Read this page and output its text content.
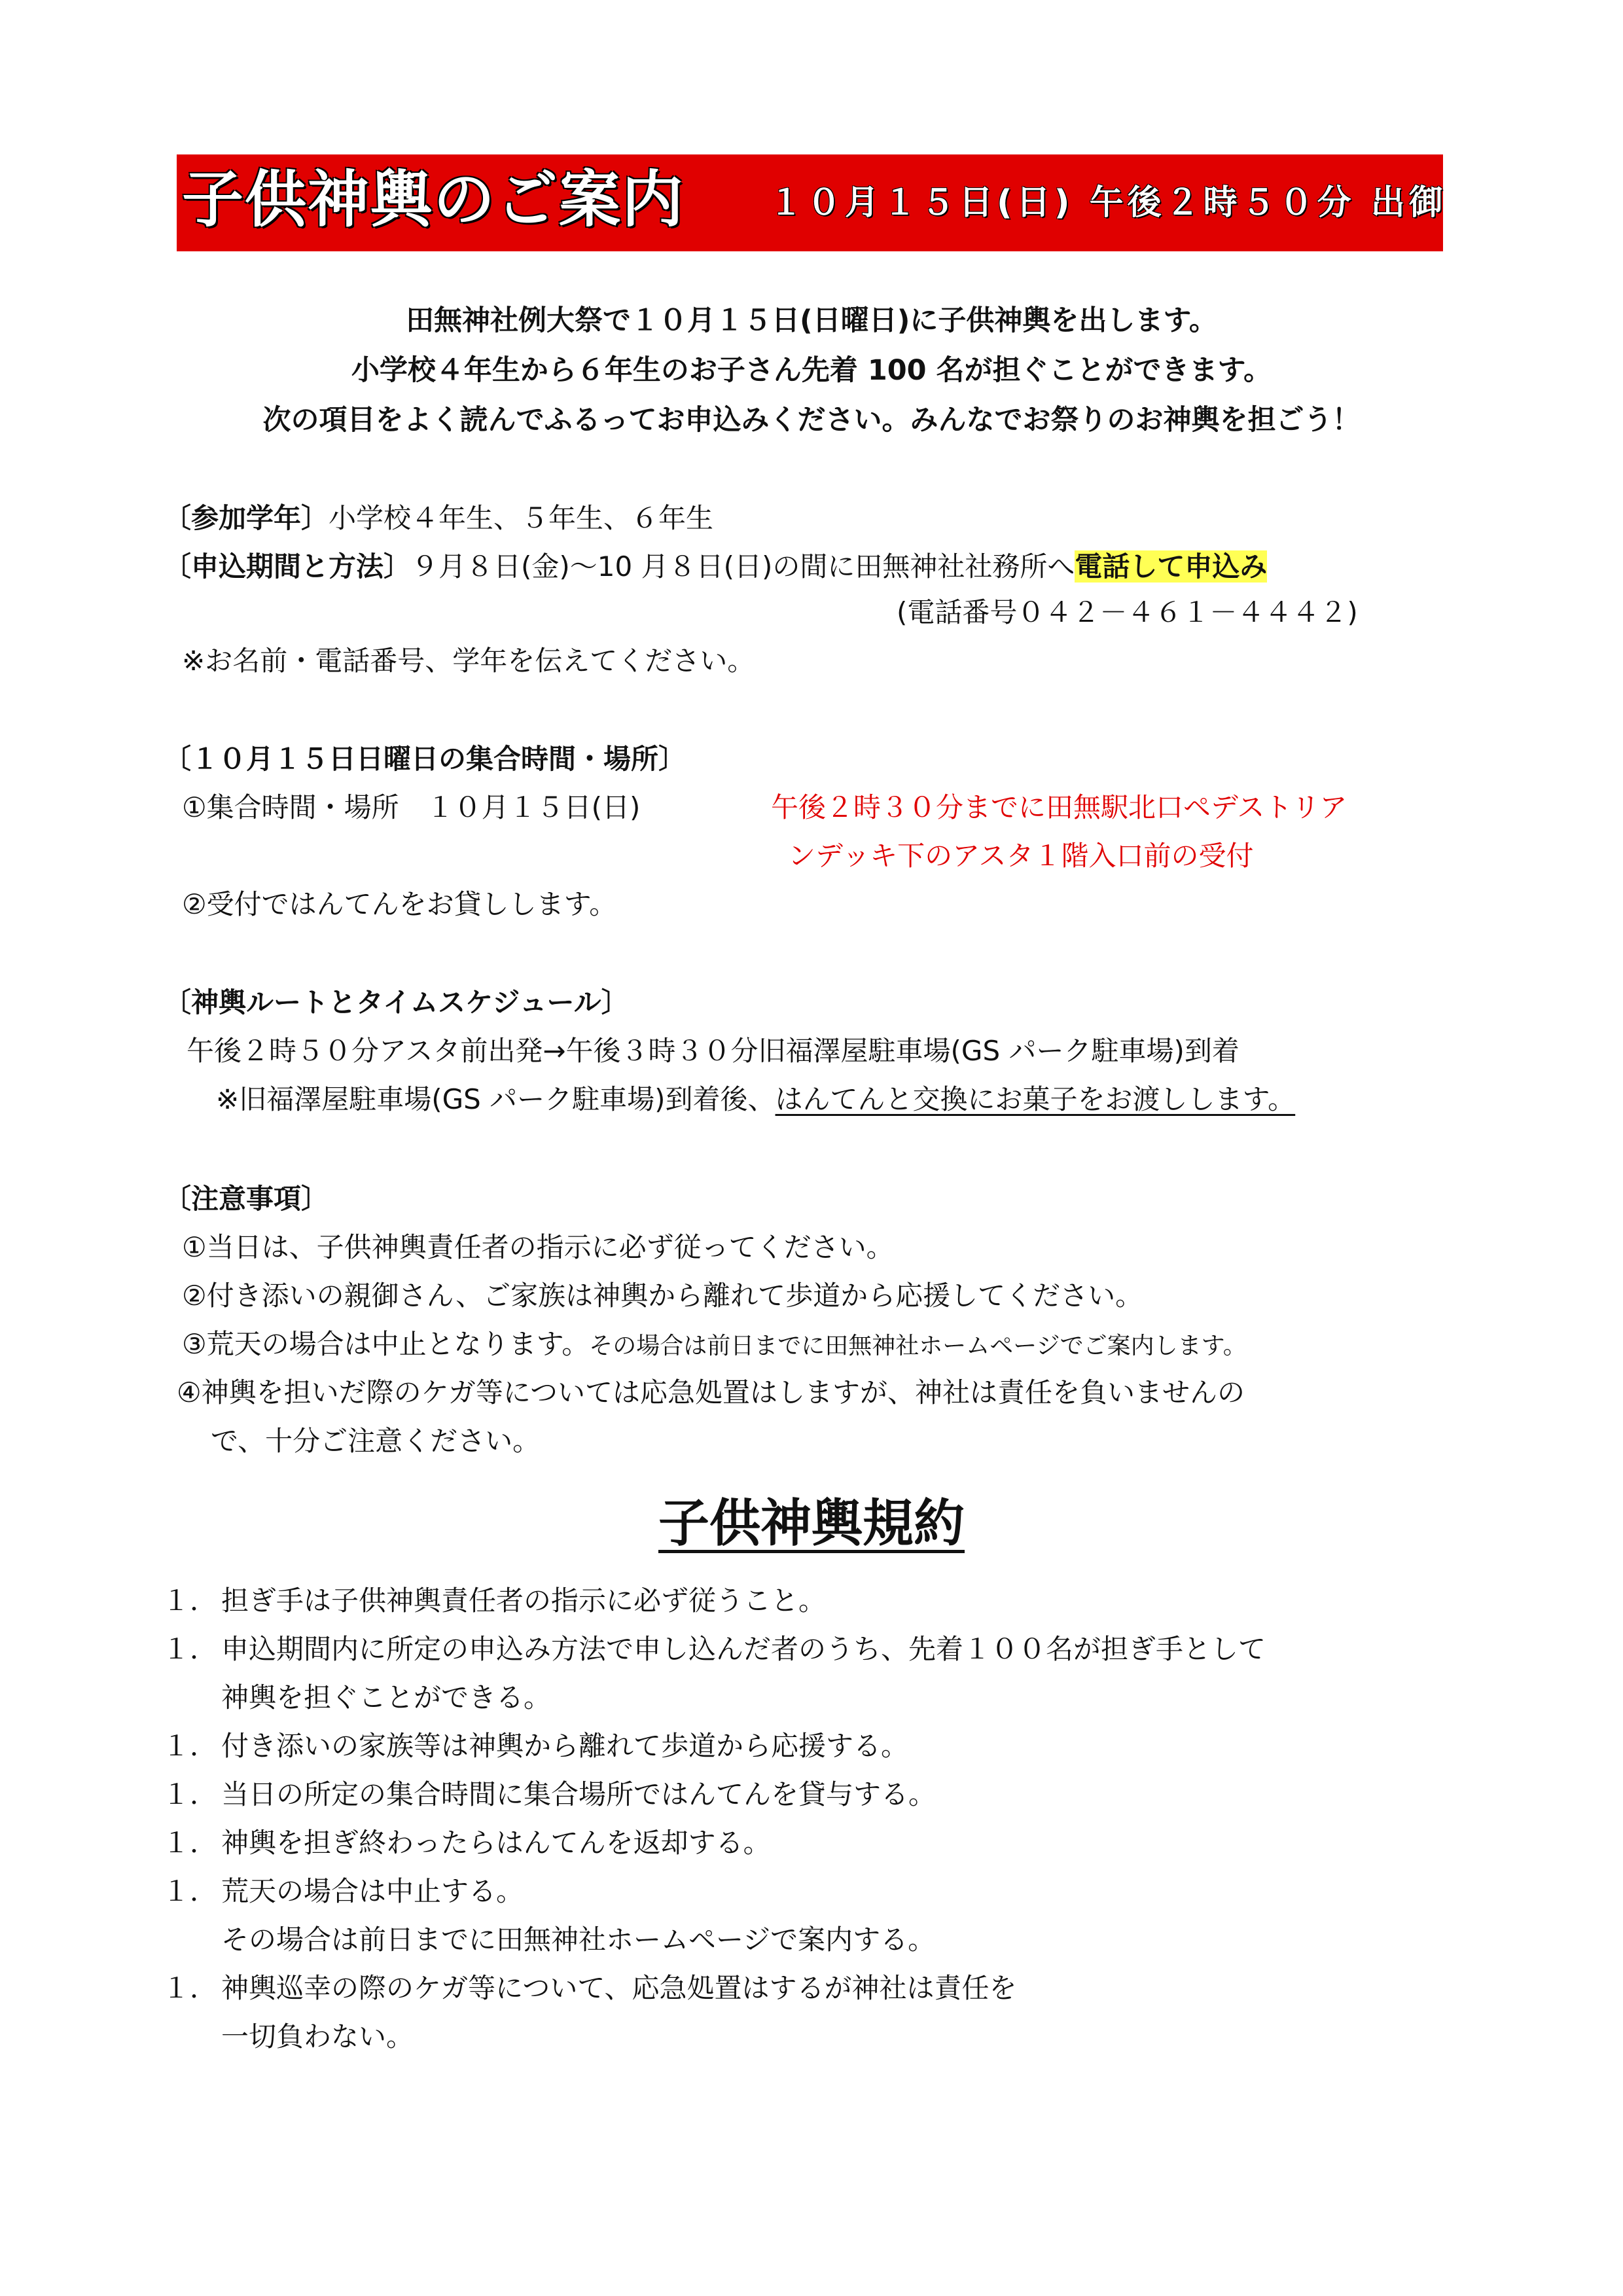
子供神輿のご案内 １０月１５日(日) 午後２時５０分 出御
田無神社例大祭で１０月１５日(日曜日)に子供神輿を出します。
小学校４年生から６年生のお子さん先着 100 名が担ぐことができます。
次の項目をよく読んでふるってお申込みください。みんなでお祭りのお神輿を担ごう！
〔参加学年〕小学校４年生、５年生、６年生
〔申込期間と方法〕９月８日(金)～10 月８日(日)の間に田無神社社務所へ電話して申込み
(電話番号０４２－４６１－４４４２)
※お名前・電話番号、学年を伝えてください。
〔１０月１５日日曜日の集合時間・場所〕
①集合時間・場所　１０月１５日(日)	午後２時３０分までに田無駅北口ペデストリア
ンデッキ下のアスタ１階入口前の受付
②受付ではんてんをお貸しします。
〔神輿ルートとタイムスケジュール〕
午後２時５０分アスタ前出発→午後３時３０分旧福澤屋駐車場(GS パーク駐車場)到着
※旧福澤屋駐車場(GS パーク駐車場)到着後、はんてんと交換にお菓子をお渡しします。
〔注意事項〕
①当日は、子供神輿責任者の指示に必ず従ってください。
②付き添いの親御さん、ご家族は神輿から離れて歩道から応援してください。
③荒天の場合は中止となります。その場合は前日までに田無神社ホームページでご案内します。
④神輿を担いだ際のケガ等については応急処置はしますが、神社は責任を負いませんの
で、十分ご注意ください。
子供神輿規約
１． 担ぎ手は子供神輿責任者の指示に必ず従うこと。
１． 申込期間内に所定の申込み方法で申し込んだ者のうち、先着１００名が担ぎ手として
神輿を担ぐことができる。
１． 付き添いの家族等は神輿から離れて歩道から応援する。
１． 当日の所定の集合時間に集合場所ではんてんを貸与する。
１． 神輿を担ぎ終わったらはんてんを返却する。
１． 荒天の場合は中止する。
その場合は前日までに田無神社ホームページで案内する。
１． 神輿巡幸の際のケガ等について、応急処置はするが神社は責任を
一切負わない。
